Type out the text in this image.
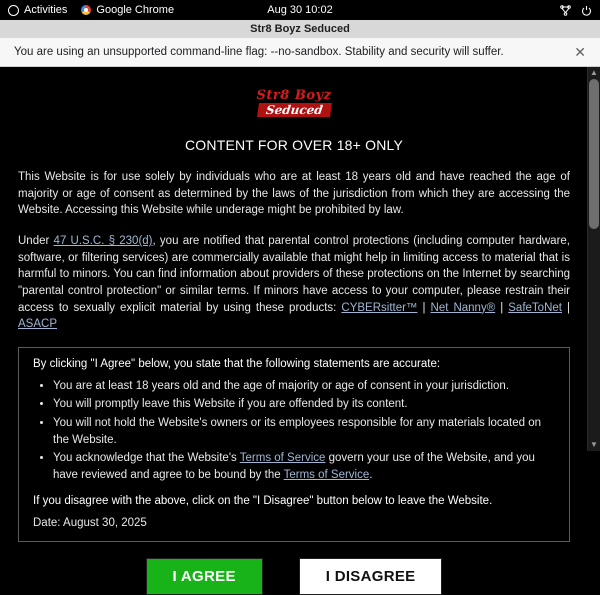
Activities	Google Chrome	Aug 30 10:02
Str8 Boyz Seduced
You are using an unsupported command-line flag: --no-sandbox. Stability and security will suffer.	✕
Str8 Boyz
Seduced
CONTENT FOR OVER 18+ ONLY

This Website is for use solely by individuals who are at least 18 years old and have reached the age of majority or age of consent as determined by the laws of the jurisdiction from which they are accessing the Website. Accessing this Website while underage might be prohibited by law.

Under 47 U.S.C. § 230(d), you are notified that parental control protections (including computer hardware, software, or filtering services) are commercially available that might help in limiting access to material that is harmful to minors. You can find information about providers of these protections on the Internet by searching "parental control protection" or similar terms. If minors have access to your computer, please restrain their access to sexually explicit material by using these products: CYBERsitter™ | Net Nanny® | SafeToNet | ASACP

By clicking "I Agree" below, you state that the following statements are accurate:
• You are at least 18 years old and the age of majority or age of consent in your jurisdiction.
• You will promptly leave this Website if you are offended by its content.
• You will not hold the Website's owners or its employees responsible for any materials located on the Website.
• You acknowledge that the Website's Terms of Service govern your use of the Website, and you have reviewed and agree to be bound by the Terms of Service.
If you disagree with the above, click on the "I Disagree" button below to leave the Website.
Date: August 30, 2025
I AGREE	I DISAGREE
▲
▼
